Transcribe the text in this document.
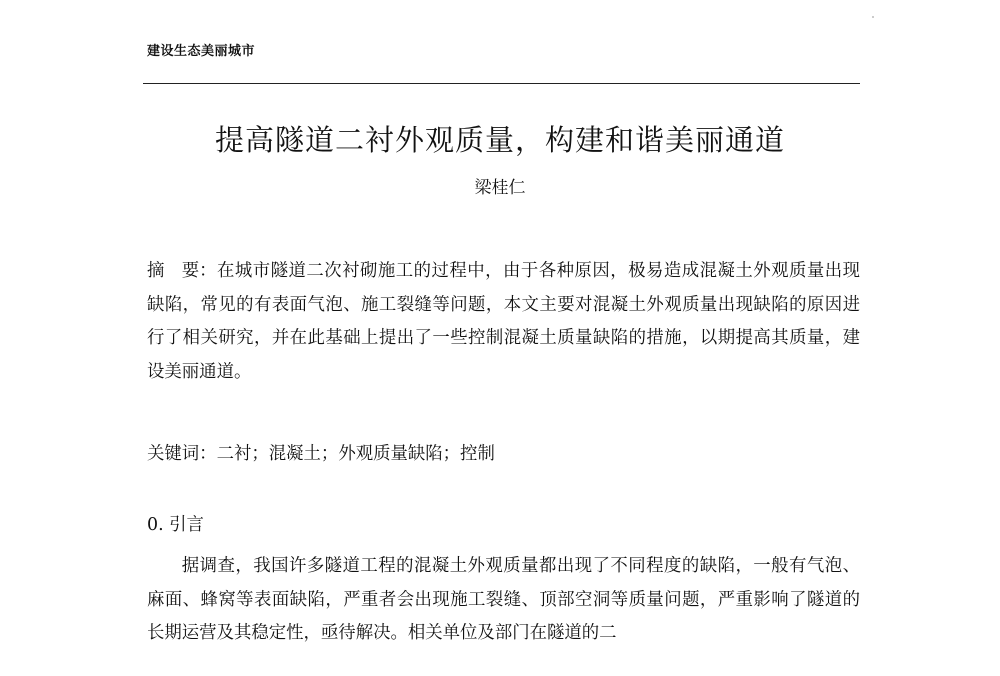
建设生态美丽城市
提高隧道二衬外观质量，构建和谐美丽通道
梁桂仁
摘　要：在城市隧道二次衬砌施工的过程中，由于各种原因，极易造成混凝土外观质量出现缺陷，常见的有表面气泡、施工裂缝等问题，本文主要对混凝土外观质量出现缺陷的原因进行了相关研究，并在此基础上提出了一些控制混凝土质量缺陷的措施，以期提高其质量，建设美丽通道。
关键词：二衬；混凝土；外观质量缺陷；控制
0. 引言
据调查，我国许多隧道工程的混凝土外观质量都出现了不同程度的缺陷，一般有气泡、麻面、蜂窝等表面缺陷，严重者会出现施工裂缝、顶部空洞等质量问题，严重影响了隧道的长期运营及其稳定性，亟待解决。相关单位及部门在隧道的二
